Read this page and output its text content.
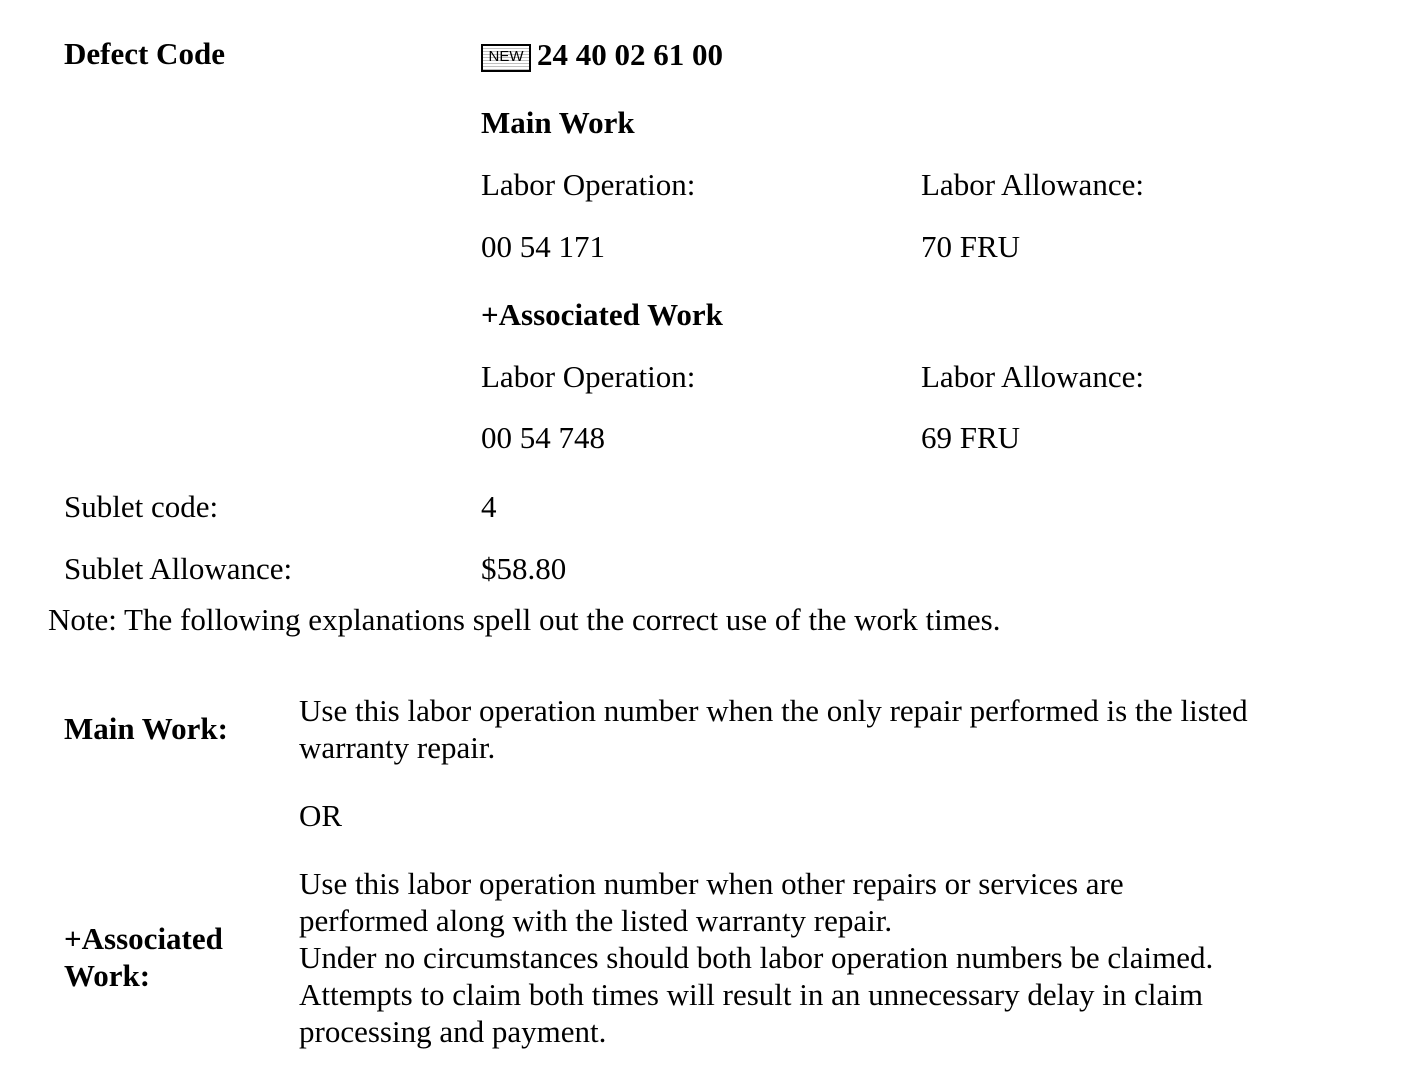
Defect Code	NEW 24 40 02 61 00
Main Work
Labor Operation:	Labor Allowance:
00 54 171	70 FRU
+Associated Work
Labor Operation:	Labor Allowance:
00 54 748	69 FRU
Sublet code:	4
Sublet Allowance:	$58.80
Note: The following explanations spell out the correct use of the work times.
Main Work:
Use this labor operation number when the only repair performed is the listed warranty repair.
OR
+Associated
Work:
Use this labor operation number when other repairs or services are performed along with the listed warranty repair.
Under no circumstances should both labor operation numbers be claimed. Attempts to claim both times will result in an unnecessary delay in claim processing and payment.
